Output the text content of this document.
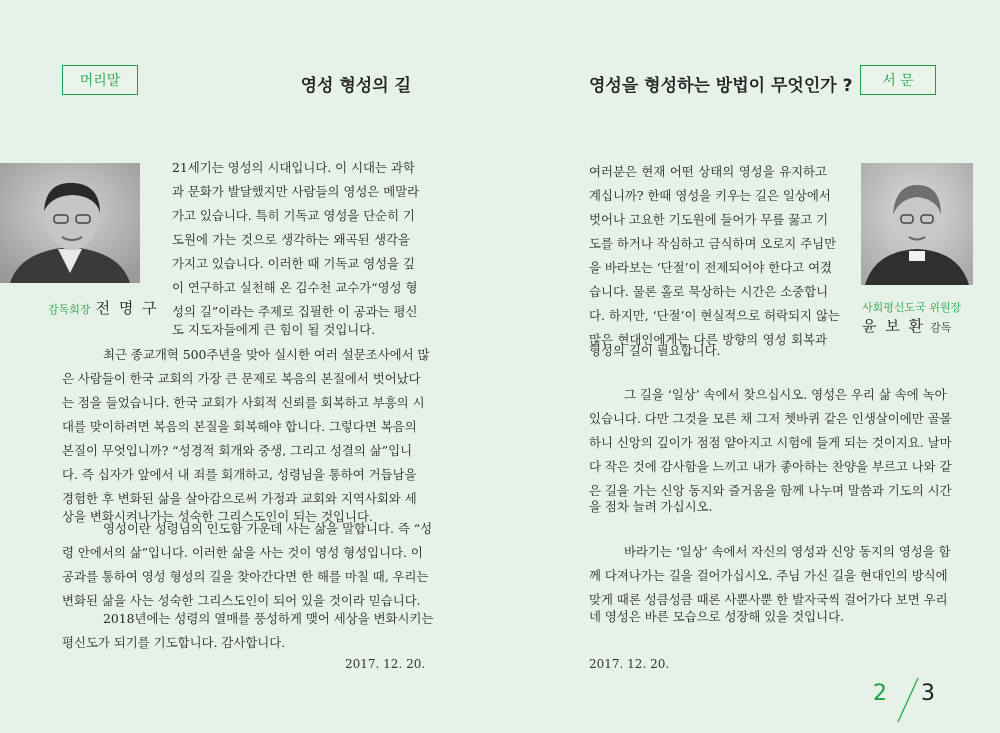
머리말	영성 형성의 길
감독회장 전 명 구
21세기는 영성의 시대입니다. 이 시대는 과학
과 문화가 발달했지만 사람들의 영성은 메말라
가고 있습니다. 특히 기독교 영성을 단순히 기
도원에 가는 것으로 생각하는 왜곡된 생각을
가지고 있습니다. 이러한 때 기독교 영성을 깊
이 연구하고 실천해 온 김수천 교수가“영성 형
성의 길”이라는 주제로 집필한 이 공과는 평신
도 지도자들에게 큰 힘이 될 것입니다.
최근 종교개혁 500주년을 맞아 실시한 여러 설문조사에서 많
은 사람들이 한국 교회의 가장 큰 문제로 복음의 본질에서 벗어났다
는 점을 들었습니다. 한국 교회가 사회적 신뢰를 회복하고 부흥의 시
대를 맞이하려면 복음의 본질을 회복해야 합니다. 그렇다면 복음의
본질이 무엇입니까? “성경적 회개와 중생, 그리고 성결의 삶”입니
다. 즉 십자가 앞에서 내 죄를 회개하고, 성령님을 통하여 거듭남을
경험한 후 변화된 삶을 살아감으로써 가정과 교회와 지역사회와 세
상을 변화시켜나가는 성숙한 그리스도인이 되는 것입니다.
영성이란 성령님의 인도함 가운데 사는 삶을 말합니다. 즉 “성
령 안에서의 삶”입니다. 이러한 삶을 사는 것이 영성 형성입니다. 이
공과를 통하여 영성 형성의 길을 찾아간다면 한 해를 마칠 때, 우리는
변화된 삶을 사는 성숙한 그리스도인이 되어 있을 것이라 믿습니다.
2018년에는 성령의 열매를 풍성하게 맺어 세상을 변화시키는
평신도가 되기를 기도합니다. 감사합니다.
2017. 12. 20.
영성을 형성하는 방법이 무엇인가 ?	서 문
사회평신도국 위원장
윤 보 환 감독
여러분은 현재 어떤 상태의 영성을 유지하고
계십니까? 한때 영성을 키우는 길은 일상에서
벗어나 고요한 기도원에 들어가 무릎 꿇고 기
도를 하거나 작심하고 금식하며 오로지 주님만
을 바라보는 ‘단절’이 전제되어야 한다고 여겼
습니다. 물론 홀로 묵상하는 시간은 소중합니
다. 하지만, ‘단절’이 현실적으로 허락되지 않는
많은 현대인에게는 다른 방향의 영성 회복과
형성의 길이 필요합니다.
그 길을 ‘일상’ 속에서 찾으십시오. 영성은 우리 삶 속에 녹아
있습니다. 다만 그것을 모른 채 그저 쳇바퀴 같은 인생살이에만 골몰
하니 신앙의 깊이가 점점 얕아지고 시험에 들게 되는 것이지요. 날마
다 작은 것에 감사함을 느끼고 내가 좋아하는 찬양을 부르고 나와 같
은 길을 가는 신앙 동지와 즐거움을 함께 나누며 말씀과 기도의 시간
을 점차 늘려 가십시오.
바라기는 ‘일상’ 속에서 자신의 영성과 신앙 동지의 영성을 함
께 다져나가는 길을 걸어가십시오. 주님 가신 길을 현대인의 방식에
맞게 때론 성큼성큼 때론 사뿐사뿐 한 발자국씩 걸어가다 보면 우리
네 영성은 바른 모습으로 성장해 있을 것입니다.
2017. 12. 20.
2 3
